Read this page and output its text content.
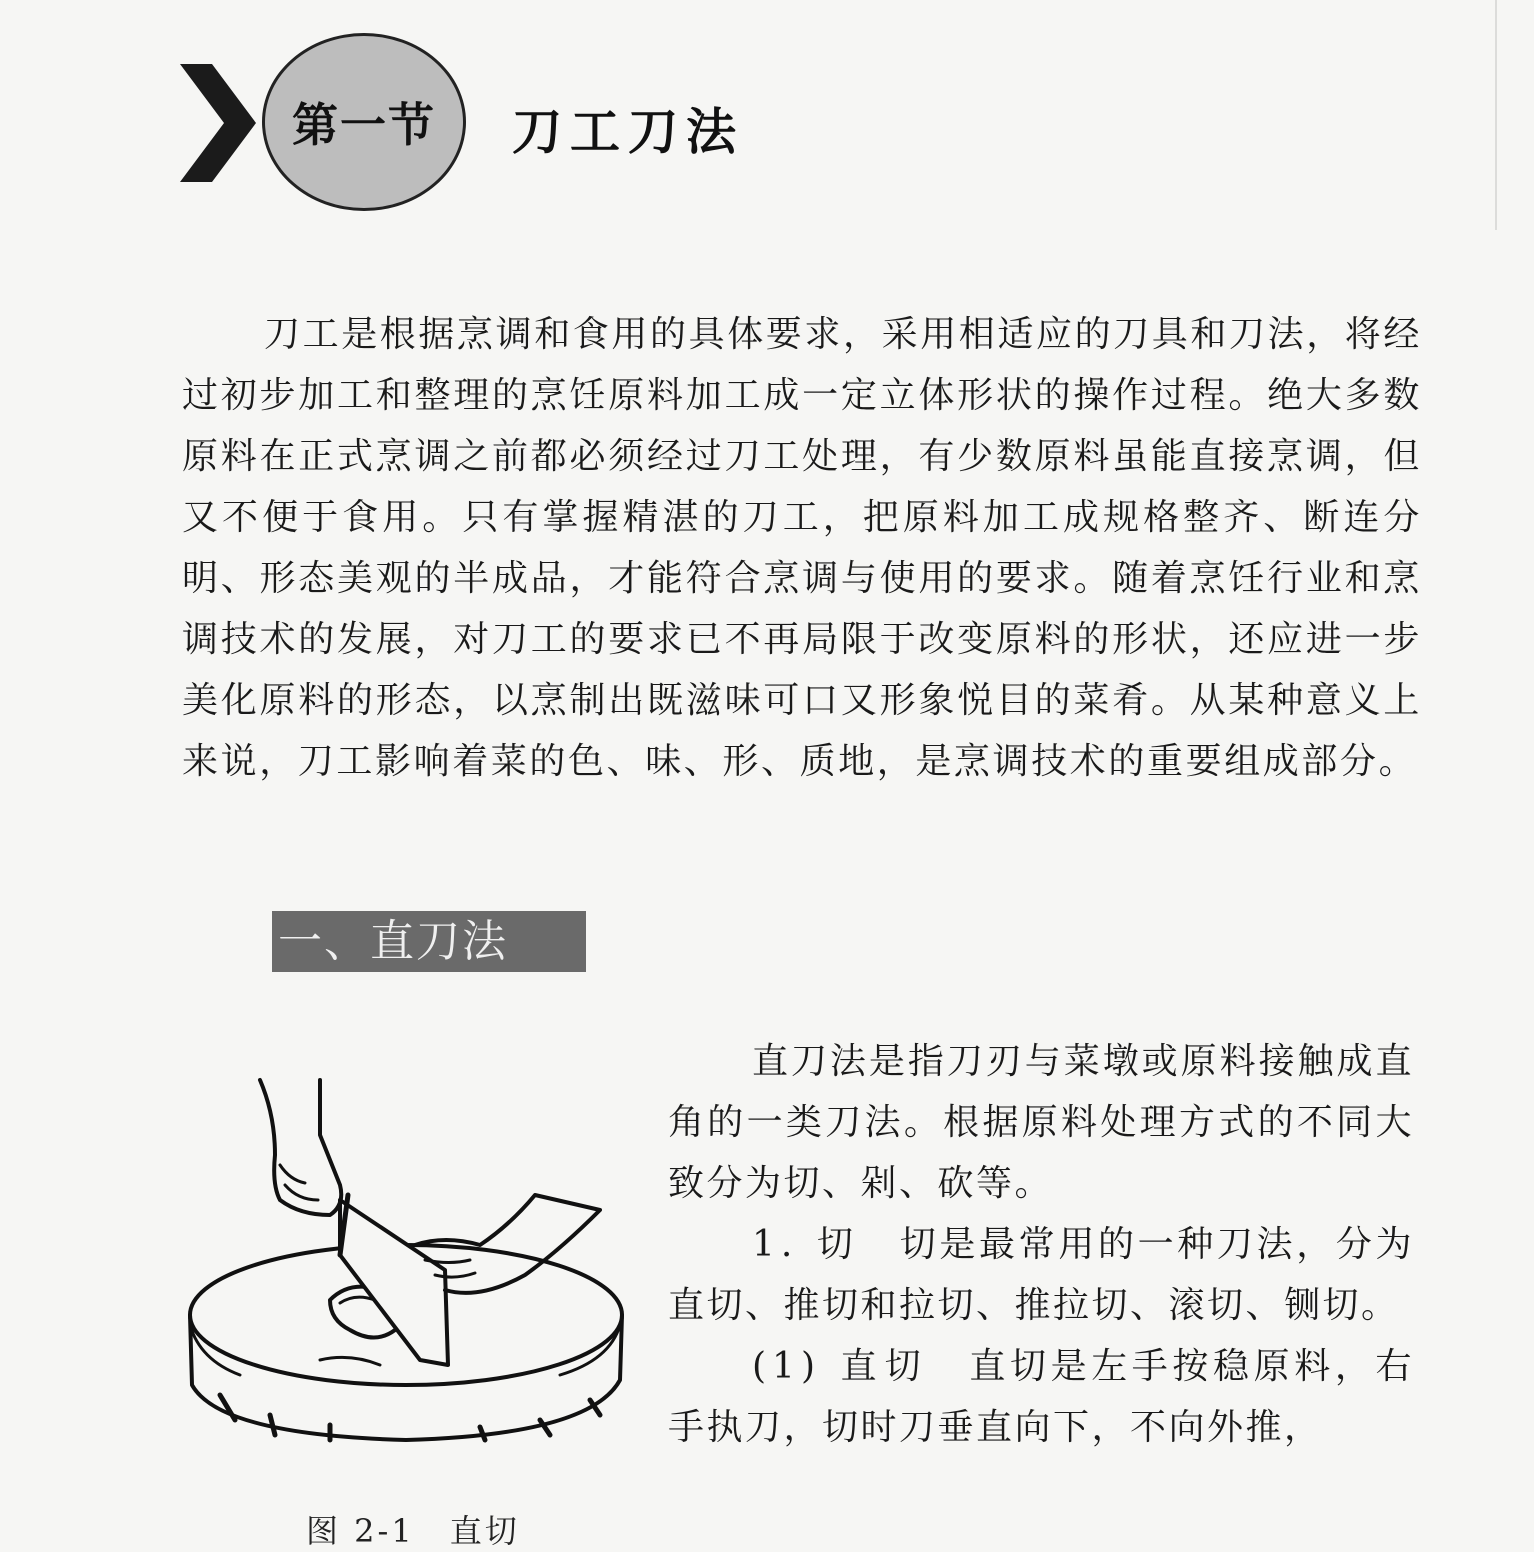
第一节 刀工刀法

刀工是根据烹调和食用的具体要求，采用相适应的刀具和刀法，将经过初步加工和整理的烹饪原料加工成一定立体形状的操作过程。绝大多数原料在正式烹调之前都必须经过刀工处理，有少数原料虽能直接烹调，但又不便于食用。只有掌握精湛的刀工，把原料加工成规格整齐、断连分明、形态美观的半成品，才能符合烹调与使用的要求。随着烹饪行业和烹调技术的发展，对刀工的要求已不再局限于改变原料的形状，还应进一步美化原料的形态，以烹制出既滋味可口又形象悦目的菜肴。从某种意义上来说，刀工影响着菜的色、味、形、质地，是烹调技术的重要组成部分。

一、直刀法
图 2-1　直切

直刀法是指刀刃与菜墩或原料接触成直角的一类刀法。根据原料处理方式的不同大致分为切、剁、砍等。

1. 切　 切是最常用的一种刀法，分为直切、推切和拉切、推拉切、滚切、铡切。

(1) 直切　 直切是左手按稳原料，右手执刀，切时刀垂直向下，不向外推，
